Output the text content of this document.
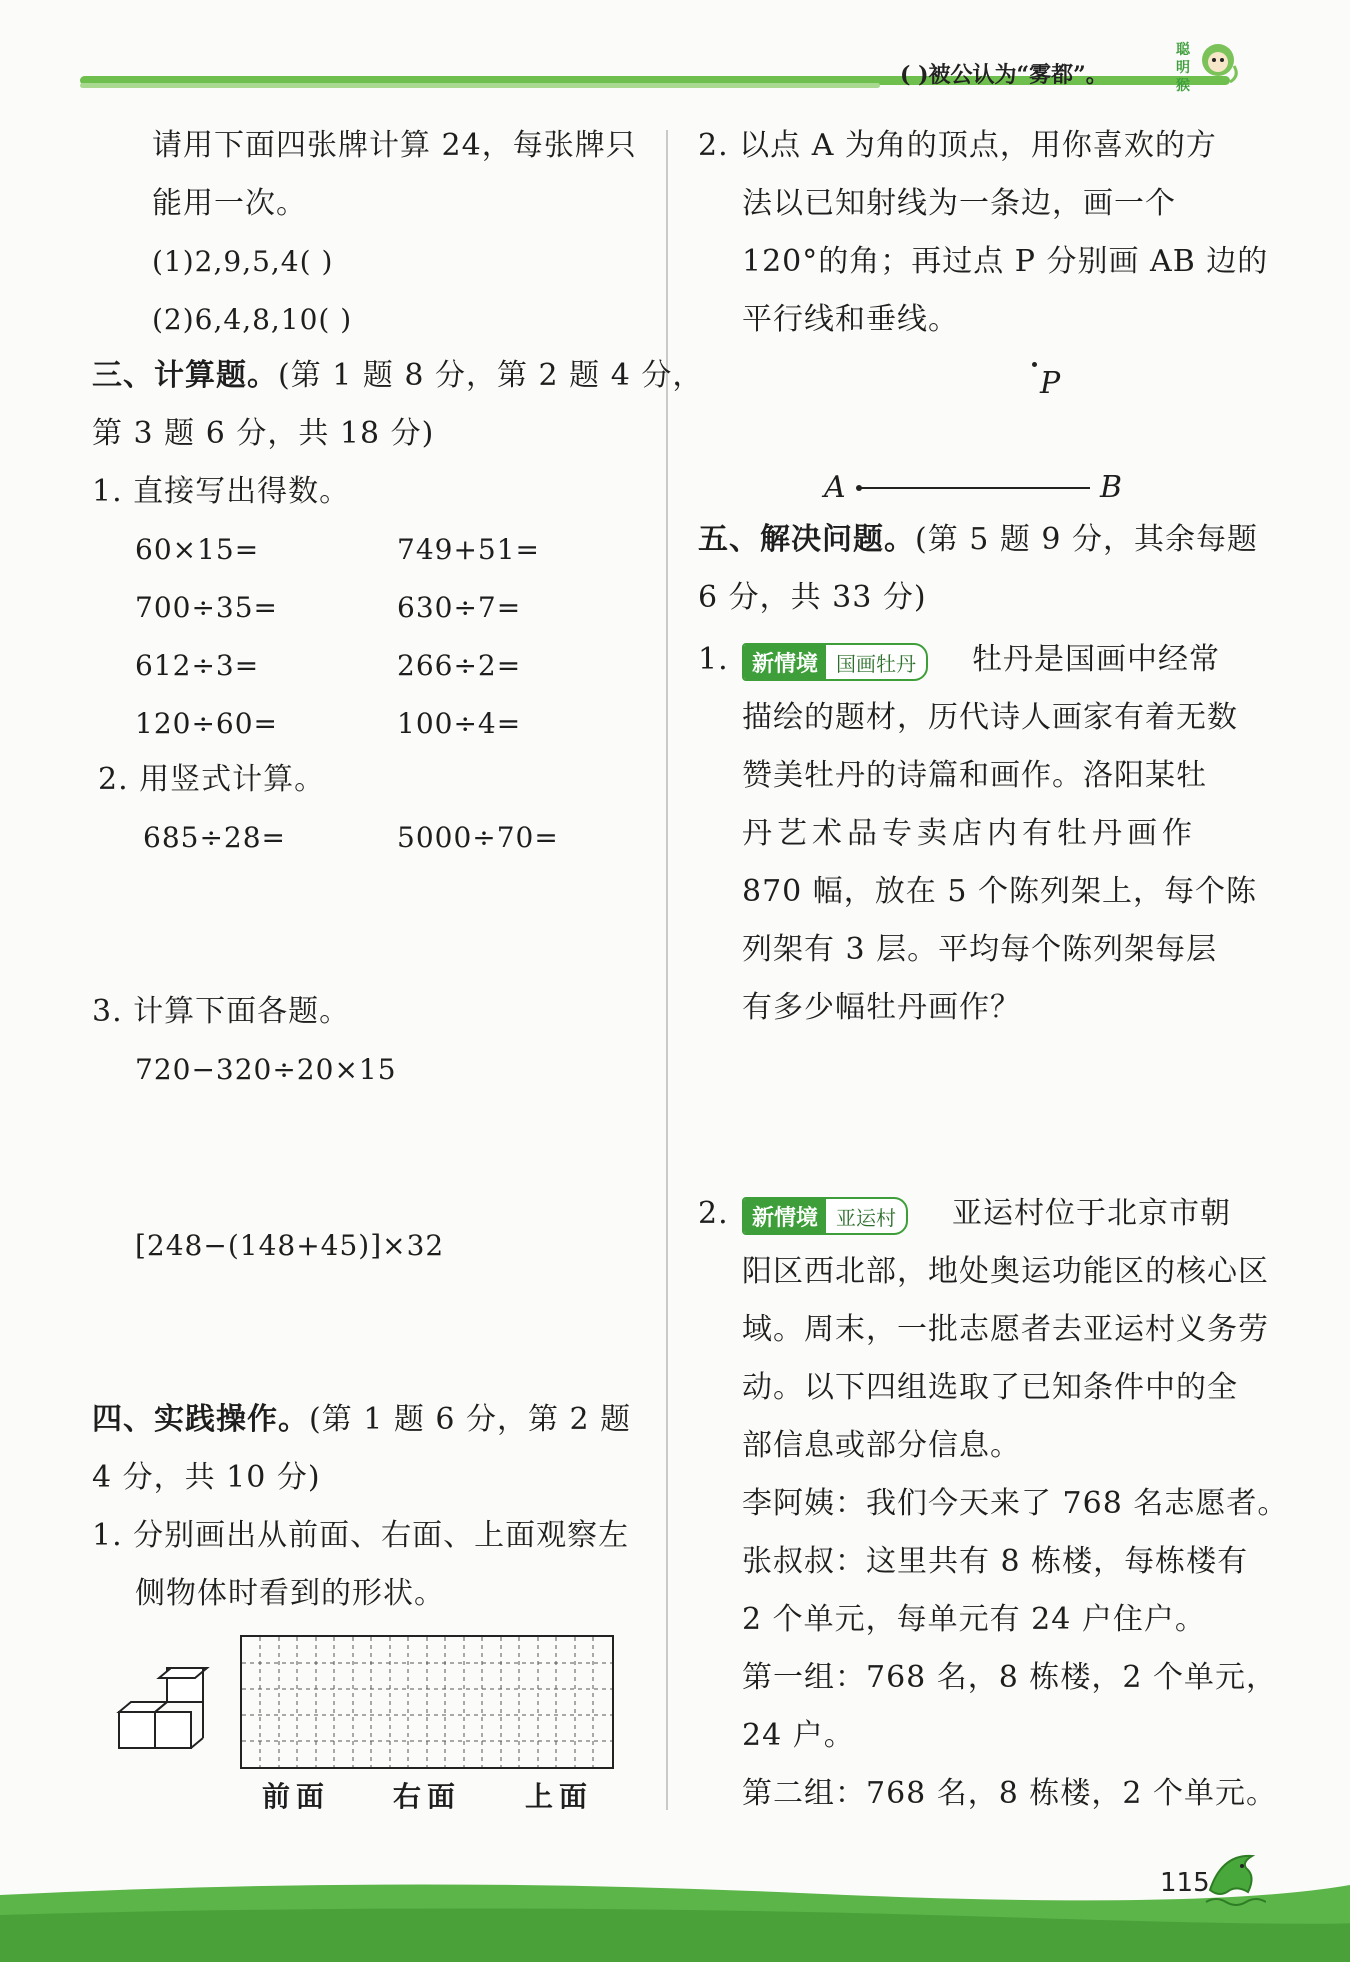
( )被公认为“雾都”。
聪
明
猴
请用下面四张牌计算 24，每张牌只
能用一次。
(1)2,9,5,4( )
(2)6,4,8,10( )
三、计算题。(第 1 题 8 分，第 2 题 4 分，
第 3 题 6 分，共 18 分)
1. 直接写出得数。
60×15=	749+51=
700÷35=	630÷7=
612÷3=	266÷2=
120÷60=	100÷4=
2. 用竖式计算。
685÷28=	5000÷70=
3. 计算下面各题。
720−320÷20×15
[248−(148+45)]×32
四、实践操作。(第 1 题 6 分，第 2 题
4 分，共 10 分)
1. 分别画出从前面、右面、上面观察左
侧物体时看到的形状。
前面 右面 上面
2. 以点 A 为角的顶点，用你喜欢的方
法以已知射线为一条边，画一个
120°的角；再过点 P 分别画 AB 边的
平行线和垂线。
P
A	B
五、解决问题。(第 5 题 9 分，其余每题
6 分，共 33 分)
1.	新情境 国画牡丹	牡丹是国画中经常
描绘的题材，历代诗人画家有着无数
赞美牡丹的诗篇和画作。洛阳某牡
丹艺术品专卖店内有牡丹画作
870 幅，放在 5 个陈列架上，每个陈
列架有 3 层。平均每个陈列架每层
有多少幅牡丹画作？
2.	新情境 亚运村	亚运村位于北京市朝
阳区西北部，地处奥运功能区的核心区
域。周末，一批志愿者去亚运村义务劳
动。以下四组选取了已知条件中的全
部信息或部分信息。
李阿姨：我们今天来了 768 名志愿者。
张叔叔：这里共有 8 栋楼，每栋楼有
2 个单元，每单元有 24 户住户。
第一组：768 名，8 栋楼，2 个单元，
24 户。
第二组：768 名，8 栋楼，2 个单元。
115
